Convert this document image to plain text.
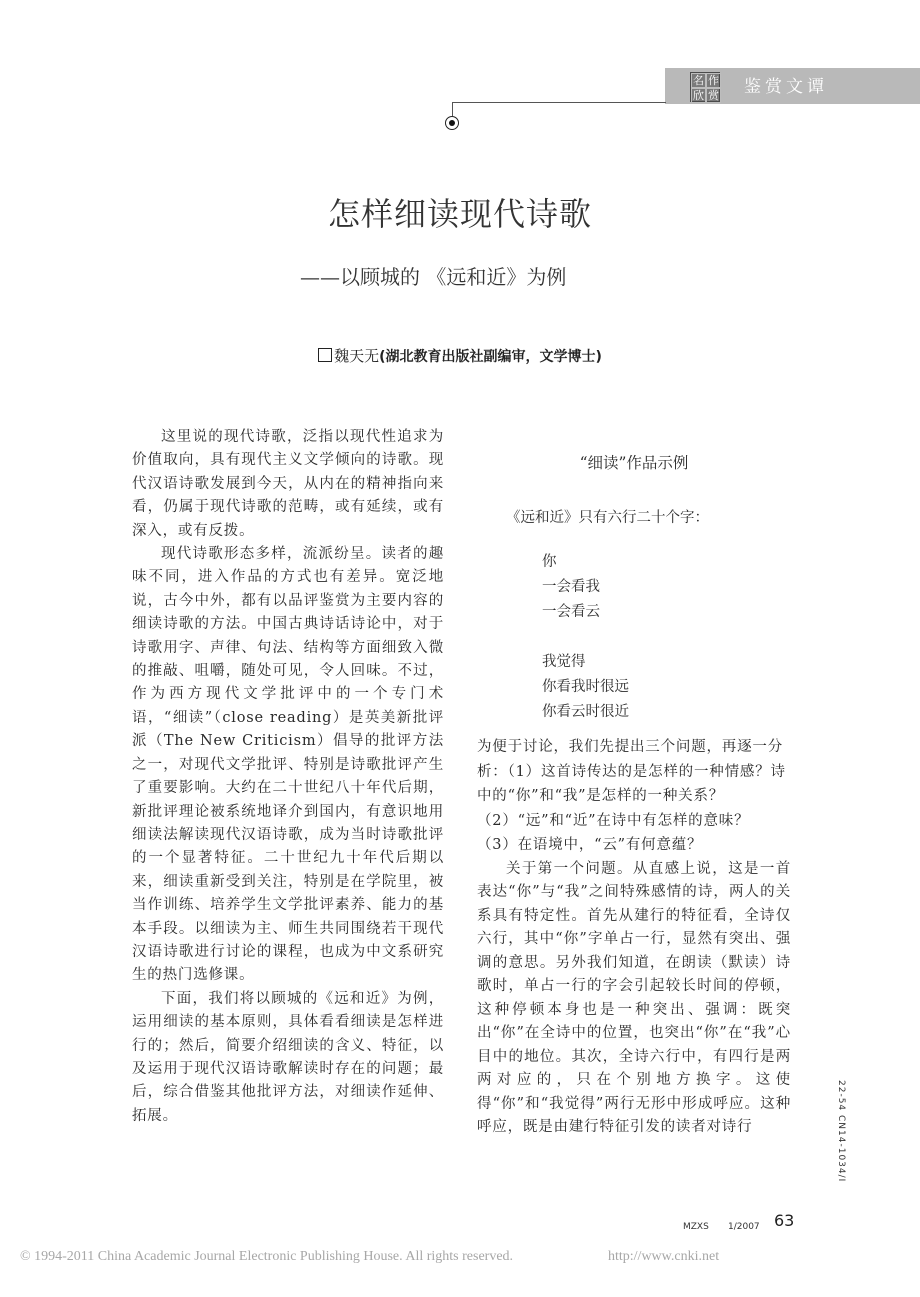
名 作
欣 赏 鉴赏文谭
怎样细读现代诗歌
——以顾城的 《远和近》为例
魏天无(湖北教育出版社副编审，文学博士)

这里说的现代诗歌，泛指以现代性追求为价值取向，具有现代主义文学倾向的诗歌。现代汉语诗歌发展到今天，从内在的精神指向来看，仍属于现代诗歌的范畴，或有延续，或有深入，或有反拨。

现代诗歌形态多样，流派纷呈。读者的趣味不同，进入作品的方式也有差异。宽泛地说，古今中外，都有以品评鉴赏为主要内容的细读诗歌的方法。中国古典诗话诗论中，对于诗歌用字、声律、句法、结构等方面细致入微的推敲、咀嚼，随处可见，令人回味。不过，作为西方现代文学批评中的一个专门术语，“细读”（close reading）是英美新批评派（The New Criticism）倡导的批评方法之一，对现代文学批评、特别是诗歌批评产生了重要影响。大约在二十世纪八十年代后期，新批评理论被系统地译介到国内，有意识地用细读法解读现代汉语诗歌，成为当时诗歌批评的一个显著特征。二十世纪九十年代后期以来，细读重新受到关注，特别是在学院里，被当作训练、培养学生文学批评素养、能力的基本手段。以细读为主、师生共同围绕若干现代汉语诗歌进行讨论的课程，也成为中文系研究生的热门选修课。

下面，我们将以顾城的《远和近》为例，运用细读的基本原则，具体看看细读是怎样进行的；然后，简要介绍细读的含义、特征，以及运用于现代汉语诗歌解读时存在的问题；最后，综合借鉴其他批评方法，对细读作延伸、拓展。

“细读”作品示例

《远和近》只有六行二十个字：

你
一会看我
一会看云
我觉得
你看我时很远
你看云时很近

为便于讨论，我们先提出三个问题，再逐一分析：（1）这首诗传达的是怎样的一种情感？诗中的“你”和“我”是怎样的一种关系？

（2）“远”和“近”在诗中有怎样的意味？

（3）在语境中，“云”有何意蕴？

关于第一个问题。从直感上说，这是一首表达“你”与“我”之间特殊感情的诗，两人的关系具有特定性。首先从建行的特征看，全诗仅六行，其中“你”字单占一行，显然有突出、强调的意思。另外我们知道，在朗读（默读）诗歌时，单占一行的字会引起较长时间的停顿，这种停顿本身也是一种突出、强调：既突出“你”在全诗中的位置，也突出“你”在“我”心目中的地位。其次，全诗六行中，有四行是两两对应的，只在个别地方换字。这使得“你”和“我觉得”两行无形中形成呼应。这种呼应，既是由建行特征引发的读者对诗行	22-54 CN14-1034/I
MZXS 1/2007 63
© 1994-2011 China Academic Journal Electronic Publishing House. All rights reserved.	http://www.cnki.net
